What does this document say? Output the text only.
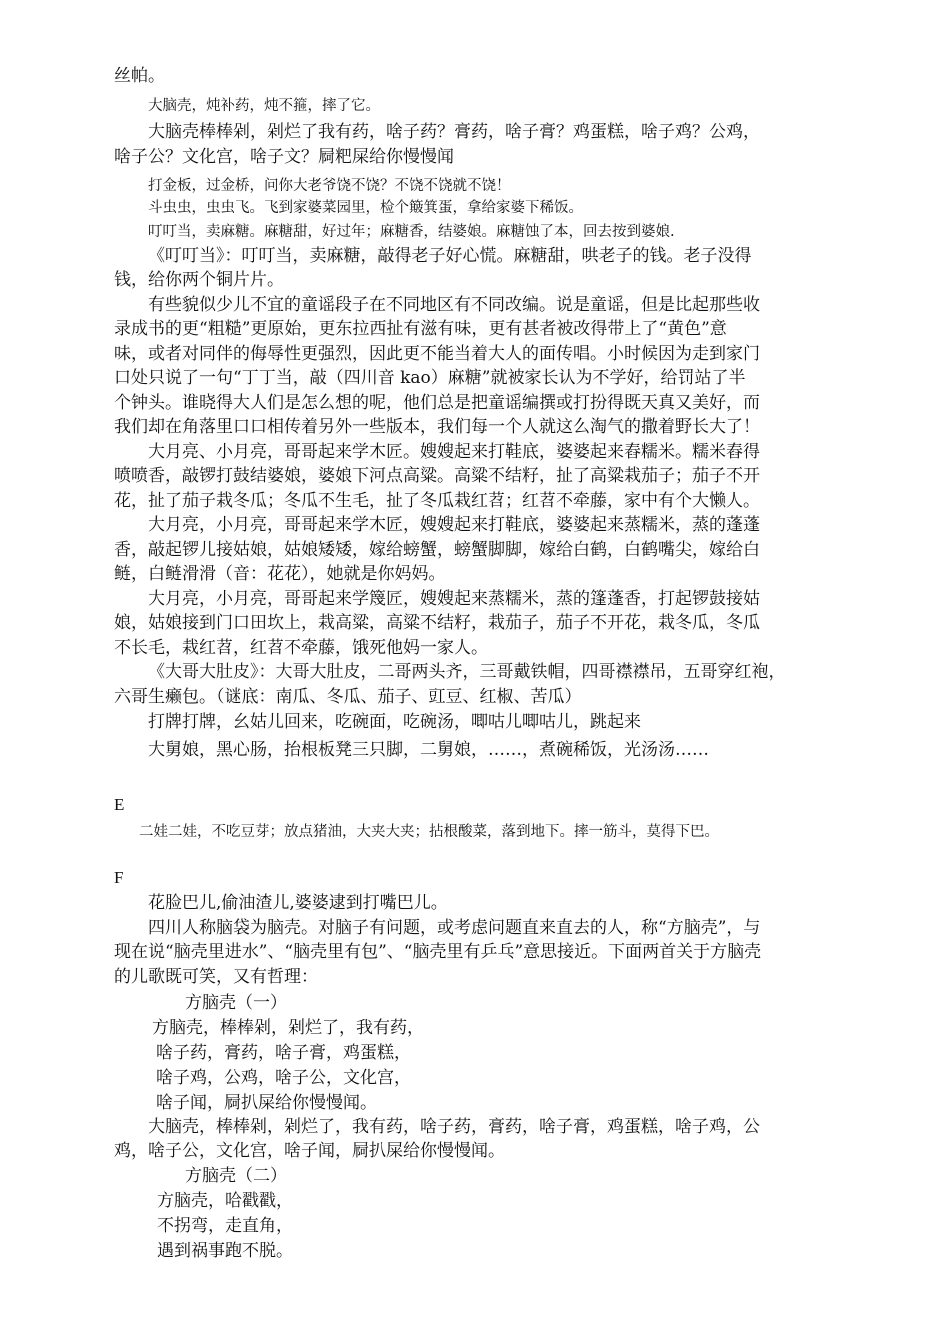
丝帕。
大脑壳，炖补药，炖不箍，摔了它。
大脑壳棒棒剁，剁烂了我有药，啥子药？膏药，啥子膏？鸡蛋糕，啥子鸡？公鸡，
啥子公？文化宫，啥子文？屙粑屎给你慢慢闻
打金板，过金桥，问你大老爷饶不饶？不饶不饶就不饶！
斗虫虫，虫虫飞。飞到家婆菜园里，检个簸箕蛋，拿给家婆下稀饭。
叮叮当，卖麻糖。麻糖甜，好过年；麻糖香，结婆娘。麻糖蚀了本，回去按到婆娘.
《叮叮当》：叮叮当，卖麻糖，敲得老子好心慌。麻糖甜，哄老子的钱。老子没得
钱，给你两个铜片片。
有些貌似少儿不宜的童谣段子在不同地区有不同改编。说是童谣，但是比起那些收
录成书的更“粗糙”更原始，更东拉西扯有滋有味，更有甚者被改得带上了“黄色”意
味，或者对同伴的侮辱性更强烈，因此更不能当着大人的面传唱。小时候因为走到家门
口处只说了一句“丁丁当，敲（四川音 kao）麻糖”就被家长认为不学好，给罚站了半
个钟头。谁晓得大人们是怎么想的呢，他们总是把童谣编撰或打扮得既天真又美好，而
我们却在角落里口口相传着另外一些版本，我们每一个人就这么淘气的撒着野长大了！
大月亮、小月亮，哥哥起来学木匠。嫂嫂起来打鞋底，婆婆起来舂糯米。糯米舂得
喷喷香，敲锣打鼓结婆娘，婆娘下河点高粱。高粱不结籽，扯了高粱栽茄子；茄子不开
花，扯了茄子栽冬瓜；冬瓜不生毛，扯了冬瓜栽红苕；红苕不牵藤，家中有个大懒人。
大月亮，小月亮，哥哥起来学木匠，嫂嫂起来打鞋底，婆婆起来蒸糯米，蒸的蓬蓬
香，敲起锣儿接姑娘，姑娘矮矮，嫁给螃蟹，螃蟹脚脚，嫁给白鹤，白鹤嘴尖，嫁给白
鲢，白鲢滑滑（音：花花），她就是你妈妈。
大月亮，小月亮，哥哥起来学篾匠，嫂嫂起来蒸糯米，蒸的篷蓬香，打起锣鼓接姑
娘，姑娘接到门口田坎上，栽高粱，高粱不结籽，栽茄子，茄子不开花，栽冬瓜，冬瓜
不长毛，栽红苕，红苕不牵藤，饿死他妈一家人。
《大哥大肚皮》：大哥大肚皮，二哥两头齐，三哥戴铁帽，四哥襟襟吊，五哥穿红袍，
六哥生癞包。（谜底：南瓜、冬瓜、茄子、豇豆、红椒、苦瓜）
打牌打牌，幺姑儿回来，吃碗面，吃碗汤，唧咕儿唧咕儿，跳起来
大舅娘，黑心肠，抬根板凳三只脚，二舅娘，……，煮碗稀饭，光汤汤……
E
二娃二娃，不吃豆芽；放点猪油，大夹大夹；拈根酸菜，落到地下。摔一筋斗，莫得下巴。
F
花脸巴儿,偷油渣儿,婆婆逮到打嘴巴儿。
四川人称脑袋为脑壳。对脑子有问题，或考虑问题直来直去的人，称“方脑壳”，与
现在说“脑壳里进水”、“脑壳里有包”、“脑壳里有乒乓”意思接近。下面两首关于方脑壳
的儿歌既可笑，又有哲理：
方脑壳（一）
方脑壳，棒棒剁，剁烂了，我有药，
啥子药，膏药，啥子膏，鸡蛋糕，
啥子鸡，公鸡，啥子公，文化宫，
啥子闻，屙扒屎给你慢慢闻。
大脑壳，棒棒剁，剁烂了，我有药，啥子药，膏药，啥子膏，鸡蛋糕，啥子鸡，公
鸡，啥子公，文化宫，啥子闻，屙扒屎给你慢慢闻。
方脑壳（二）
方脑壳，哈戳戳，
不拐弯，走直角，
遇到祸事跑不脱。
